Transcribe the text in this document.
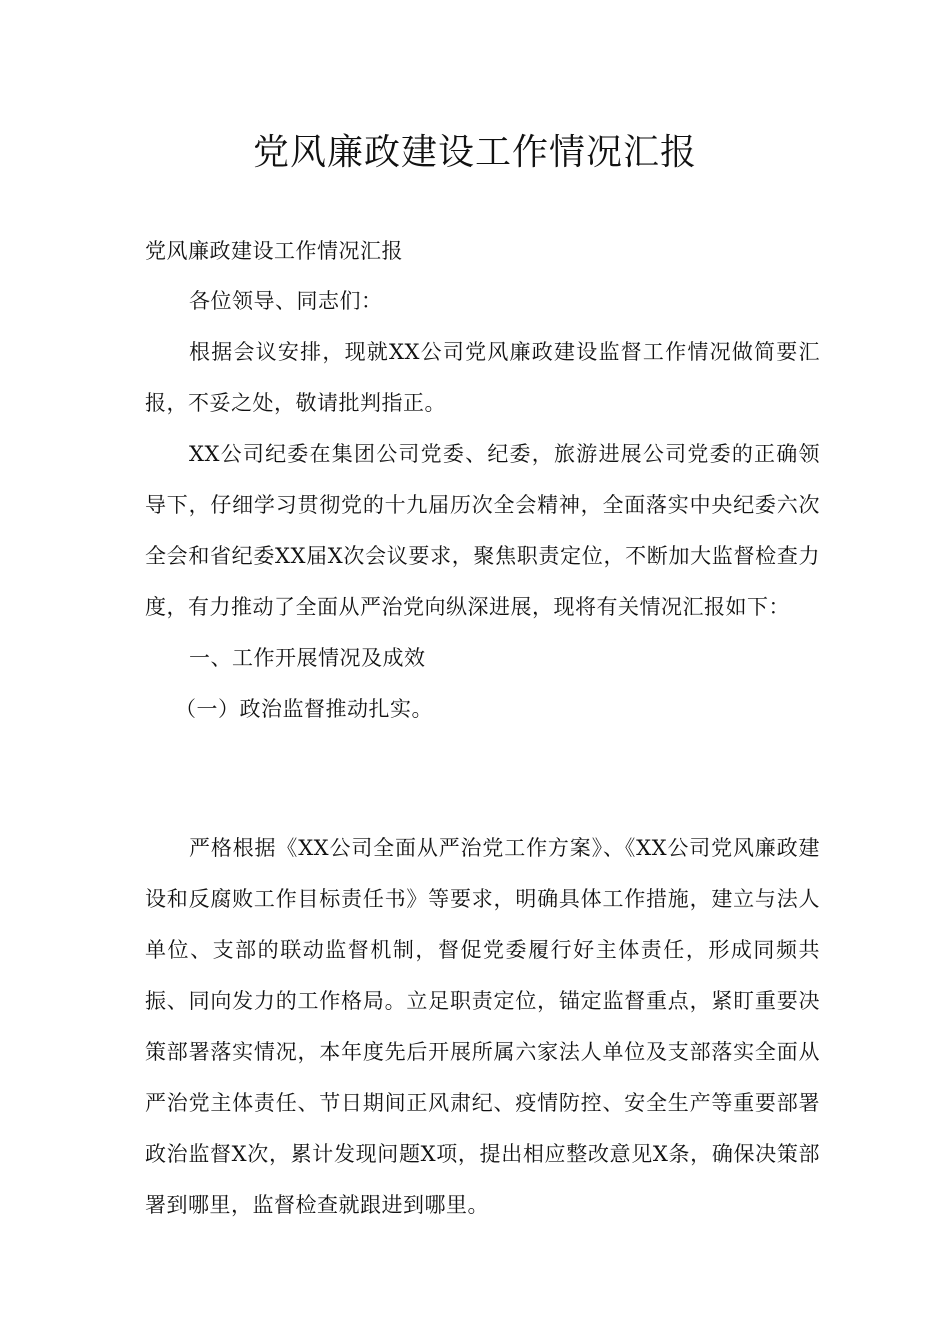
党风廉政建设工作情况汇报

党风廉政建设工作情况汇报

各位领导、同志们：

根据会议安排，现就XX公司党风廉政建设监督工作情况做简要汇报，不妥之处，敬请批判指正。

XX公司纪委在集团公司党委、纪委，旅游进展公司党委的正确领导下，仔细学习贯彻党的十九届历次全会精神，全面落实中央纪委六次全会和省纪委XX届X次会议要求，聚焦职责定位，不断加大监督检查力度，有力推动了全面从严治党向纵深进展，现将有关情况汇报如下：

一、工作开展情况及成效

（一）政治监督推动扎实。

严格根据《XX公司全面从严治党工作方案》、《XX公司党风廉政建设和反腐败工作目标责任书》等要求，明确具体工作措施，建立与法人单位、支部的联动监督机制，督促党委履行好主体责任，形成同频共振、同向发力的工作格局。立足职责定位，锚定监督重点，紧盯重要决策部署落实情况，本年度先后开展所属六家法人单位及支部落实全面从严治党主体责任、节日期间正风肃纪、疫情防控、安全生产等重要部署政治监督X次，累计发现问题X项，提出相应整改意见X条，确保决策部署到哪里，监督检查就跟进到哪里。
